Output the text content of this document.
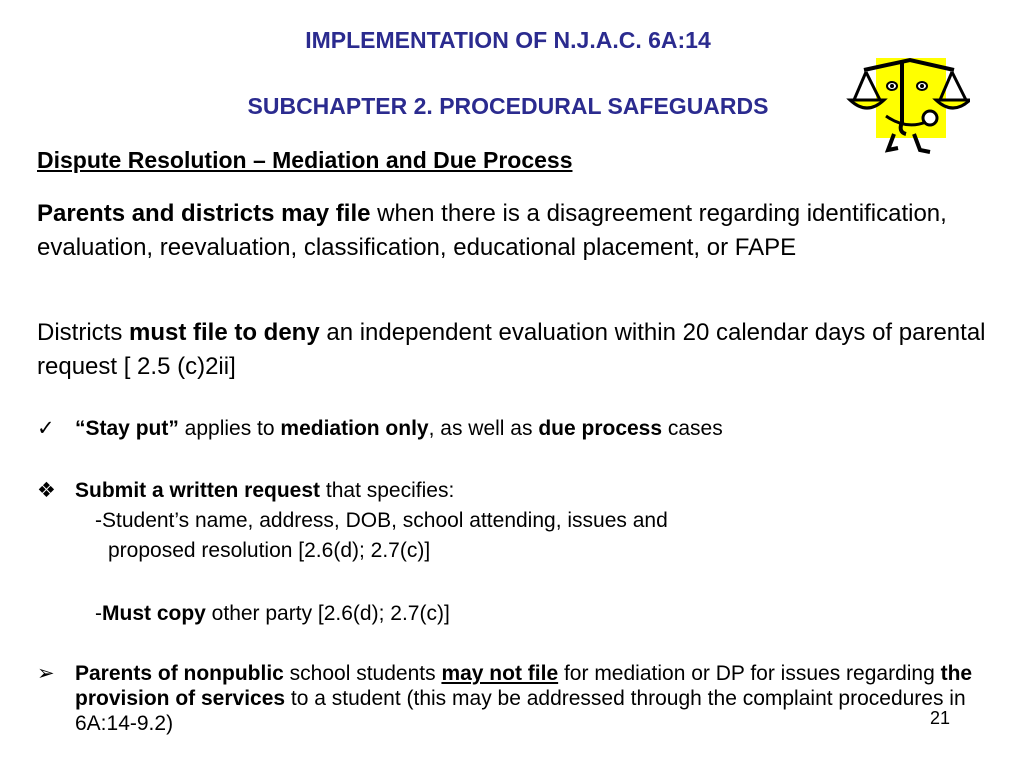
IMPLEMENTATION OF N.J.A.C. 6A:14
SUBCHAPTER 2. PROCEDURAL SAFEGUARDS
Dispute Resolution – Mediation and Due Process
Parents and districts may file when there is a disagreement regarding identification, evaluation, reevaluation, classification, educational placement, or FAPE
Districts must file to deny an independent evaluation within 20 calendar days of parental request [ 2.5 (c)2ii]
✓ “Stay put” applies to mediation only, as well as due process cases
❖ Submit a written request that specifies:
-Student’s name, address, DOB, school attending, issues and
proposed resolution [2.6(d); 2.7(c)]
-Must copy other party [2.6(d); 2.7(c)]
➢ Parents of nonpublic school students may not file for mediation or DP for issues regarding the provision of services to a student (this may be addressed through the complaint procedures in 6A:14-9.2)	21
